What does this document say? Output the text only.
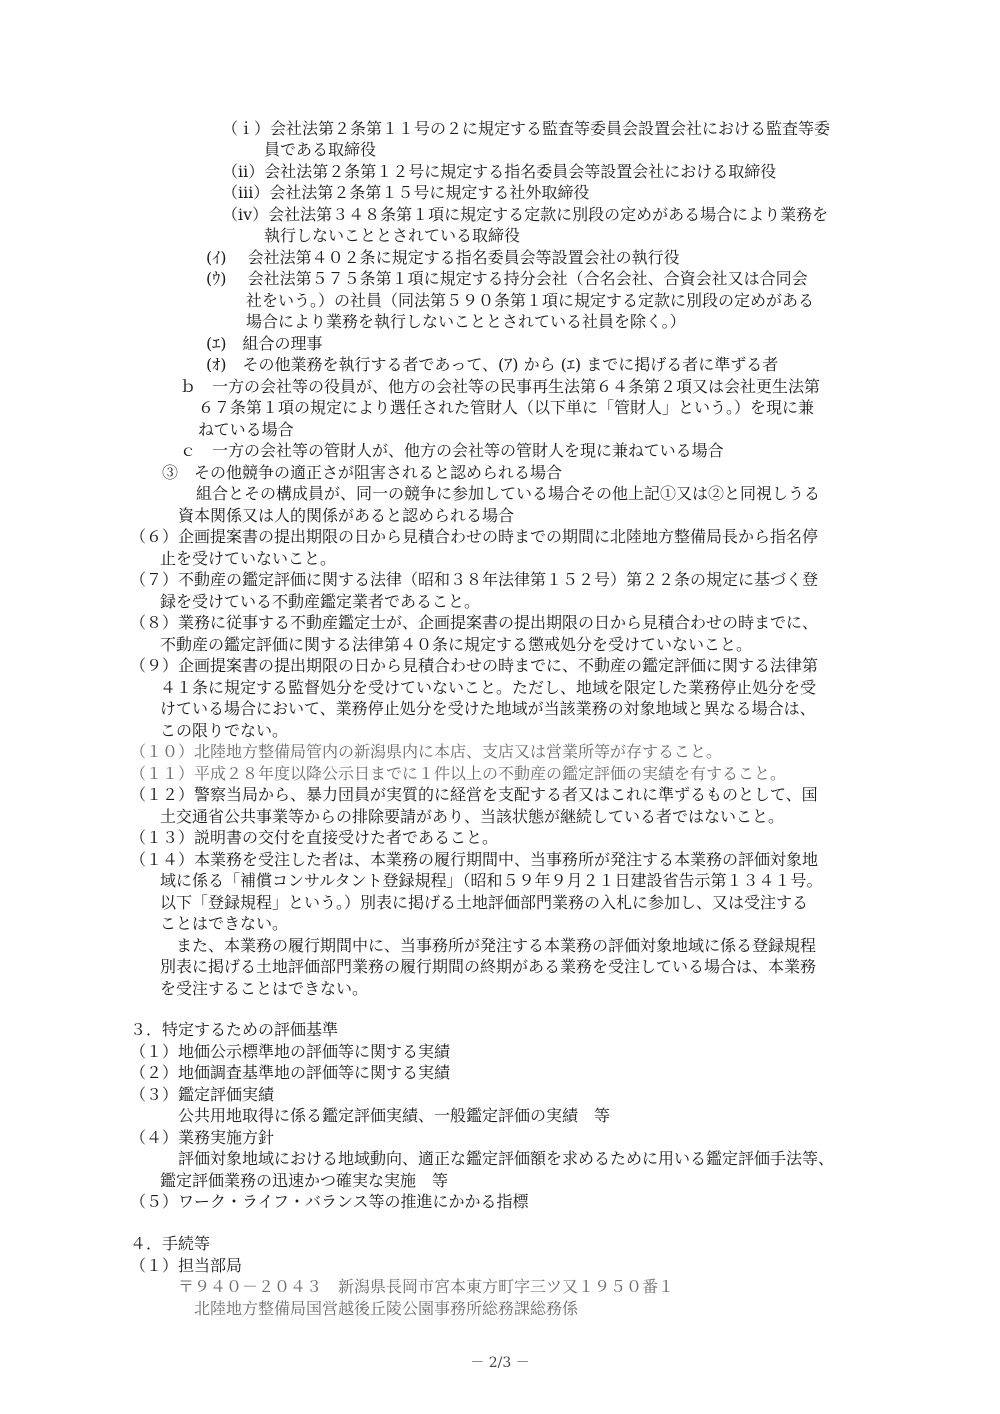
（ｉ）会社法第２条第１１号の２に規定する監査等委員会設置会社における監査等委
員である取締役
（ⅱ）会社法第２条第１２号に規定する指名委員会等設置会社における取締役
（ⅲ）会社法第２条第１５号に規定する社外取締役
（ⅳ）会社法第３４８条第１項に規定する定款に別段の定めがある場合により業務を
執行しないこととされている取締役
(ｲ)　 会社法第４０２条に規定する指名委員会等設置会社の執行役
(ｳ)　 会社法第５７５条第１項に規定する持分会社（合名会社、合資会社又は合同会
社をいう。）の社員（同法第５９０条第１項に規定する定款に別段の定めがある
場合により業務を執行しないこととされている社員を除く。）
(ｴ)　組合の理事
(ｵ)　その他業務を執行する者であって、(ｱ) から (ｴ) までに掲げる者に準ずる者
ｂ　一方の会社等の役員が、他方の会社等の民事再生法第６４条第２項又は会社更生法第
６７条第１項の規定により選任された管財人（以下単に「管財人」という。）を現に兼
ねている場合
ｃ　一方の会社等の管財人が、他方の会社等の管財人を現に兼ねている場合
③　その他競争の適正さが阻害されると認められる場合
組合とその構成員が、同一の競争に参加している場合その他上記①又は②と同視しうる
資本関係又は人的関係があると認められる場合
（６）企画提案書の提出期限の日から見積合わせの時までの期間に北陸地方整備局長から指名停
止を受けていないこと。
（７）不動産の鑑定評価に関する法律（昭和３８年法律第１５２号）第２２条の規定に基づく登
録を受けている不動産鑑定業者であること。
（８）業務に従事する不動産鑑定士が、企画提案書の提出期限の日から見積合わせの時までに、
不動産の鑑定評価に関する法律第４０条に規定する懲戒処分を受けていないこと。
（９）企画提案書の提出期限の日から見積合わせの時までに、不動産の鑑定評価に関する法律第
４１条に規定する監督処分を受けていないこと。ただし、地域を限定した業務停止処分を受
けている場合において、業務停止処分を受けた地域が当該業務の対象地域と異なる場合は、
この限りでない。
（１０）北陸地方整備局管内の新潟県内に本店、支店又は営業所等が存すること。
（１１）平成２８年度以降公示日までに１件以上の不動産の鑑定評価の実績を有すること。
（１２）警察当局から、暴力団員が実質的に経営を支配する者又はこれに準ずるものとして、国
土交通省公共事業等からの排除要請があり、当該状態が継続している者ではないこと。
（１３）説明書の交付を直接受けた者であること。
（１４）本業務を受注した者は、本業務の履行期間中、当事務所が発注する本業務の評価対象地
域に係る「補償コンサルタント登録規程」（昭和５９年９月２１日建設省告示第１３４１号。
以下「登録規程」という。）別表に掲げる土地評価部門業務の入札に参加し、又は受注する
ことはできない。
また、本業務の履行期間中に、当事務所が発注する本業務の評価対象地域に係る登録規程
別表に掲げる土地評価部門業務の履行期間の終期がある業務を受注している場合は、本業務
を受注することはできない。
３．特定するための評価基準
（１）地価公示標準地の評価等に関する実績
（２）地価調査基準地の評価等に関する実績
（３）鑑定評価実績
公共用地取得に係る鑑定評価実績、一般鑑定評価の実績　等
（４）業務実施方針
評価対象地域における地域動向、適正な鑑定評価額を求めるために用いる鑑定評価手法等、
鑑定評価業務の迅速かつ確実な実施　等
（５）ワーク・ライフ・バランス等の推進にかかる指標
４．手続等
（１）担当部局
〒９４０－２０４３　新潟県長岡市宮本東方町字三ツ又１９５０番１
北陸地方整備局国営越後丘陵公園事務所総務課総務係
－ 2/3 －
